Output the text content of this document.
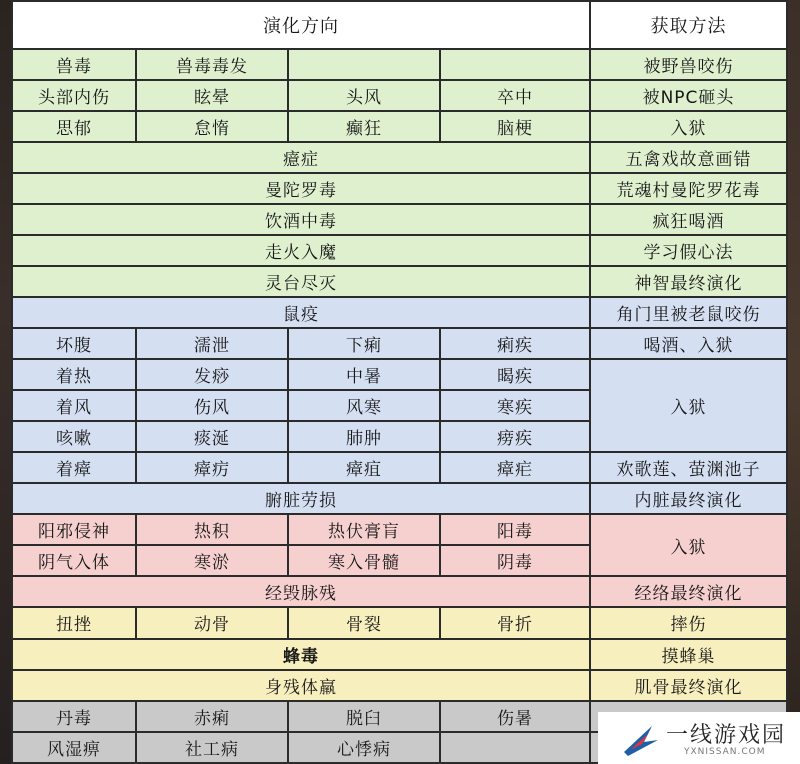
演化方向				获取方法
兽毒	兽毒毒发			被野兽咬伤
头部内伤	眩晕	头风	卒中	被NPC砸头
思郁	怠惰	癫狂	脑梗	入狱
癔症				五禽戏故意画错
曼陀罗毒				荒魂村曼陀罗花毒
饮酒中毒				疯狂喝酒
走火入魔				学习假心法
灵台尽灭				神智最终演化
鼠疫				角门里被老鼠咬伤
坏腹	濡泄	下痢	痢疾	喝酒、入狱
着热	发痧	中暑	暍疾	入狱
着风	伤风	风寒	寒疾	
咳嗽	痰涎	肺肿	痨疾	
着瘴	瘴疠	瘴疽	瘴疟	欢歌莲、萤渊池子
腑脏劳损				内脏最终演化
阳邪侵神	热积	热伏膏肓	阳毒	入狱
阴气入体	寒淤	寒入骨髓	阴毒	
经毁脉残				经络最终演化
扭挫	动骨	骨裂	骨折	摔伤
蜂毒				摸蜂巢
身残体羸				肌骨最终演化
丹毒	赤痢	脱臼	伤暑	
风湿痹	社工病	心悸病		
一线游戏园
YXNISSAN.COM
